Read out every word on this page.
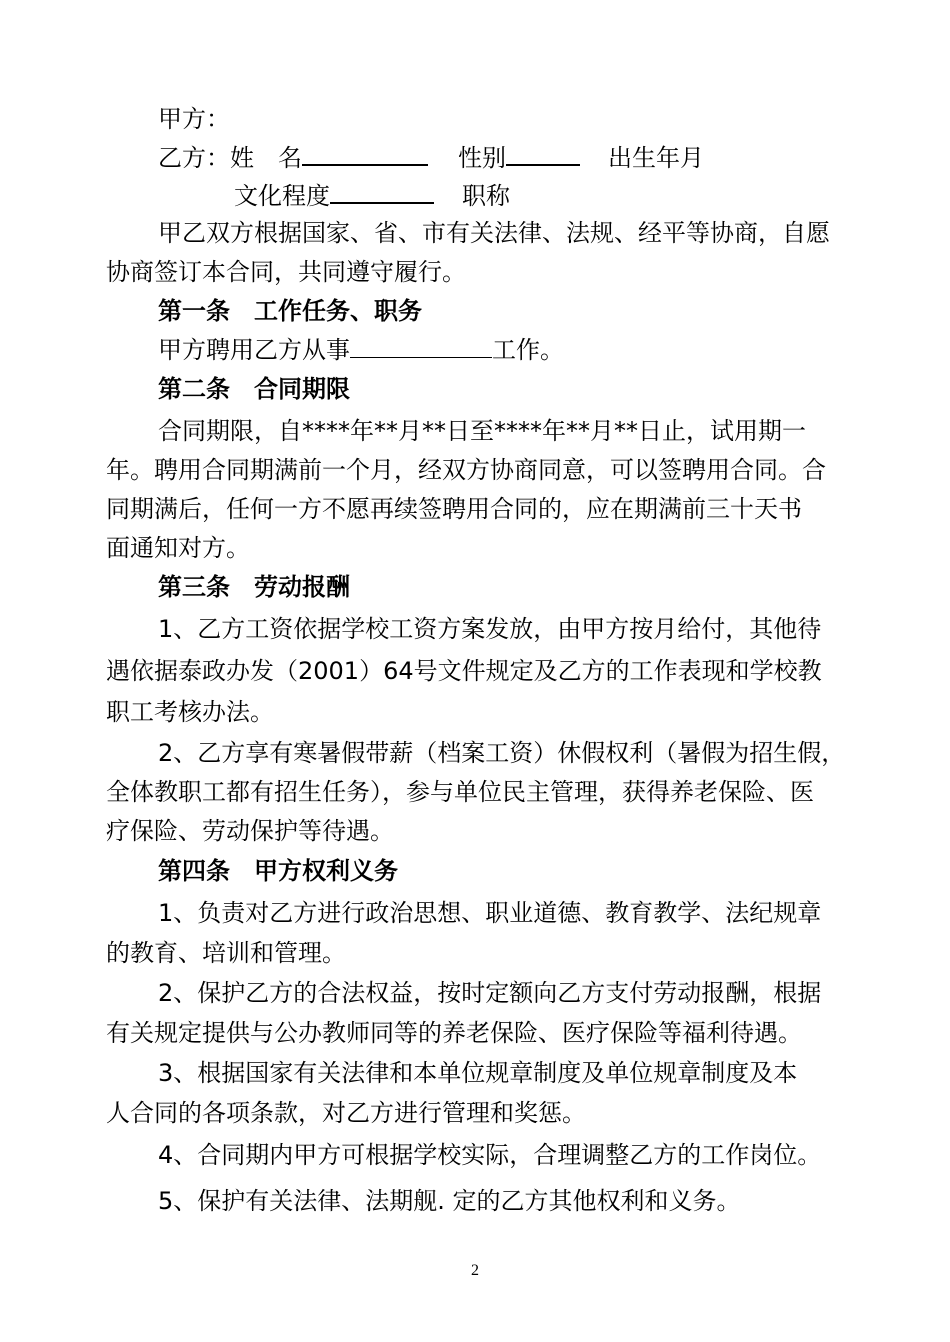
甲方：
乙方：姓　名	性别	出生年月
文化程度	职称
甲乙双方根据国家、省、市有关法律、法规、经平等协商，自愿
协商签订本合同，共同遵守履行。
第一条　工作任务、职务
甲方聘用乙方从事	工作。
第二条　合同期限
合同期限，自****年**月**日至****年**月**日止，试用期一
年。聘用合同期满前一个月，经双方协商同意，可以签聘用合同。合
同期满后，任何一方不愿再续签聘用合同的，应在期满前三十天书
面通知对方。
第三条　劳动报酬
1、乙方工资依据学校工资方案发放，由甲方按月给付，其他待
遇依据泰政办发（2001）64号文件规定及乙方的工作表现和学校教
职工考核办法。
2、乙方享有寒暑假带薪（档案工资）休假权利（暑假为招生假，
全体教职工都有招生任务），参与单位民主管理，获得养老保险、医
疗保险、劳动保护等待遇。
第四条　甲方权利义务
1、负责对乙方进行政治思想、职业道德、教育教学、法纪规章
的教育、培训和管理。
2、保护乙方的合法权益，按时定额向乙方支付劳动报酬，根据
有关规定提供与公办教师同等的养老保险、医疗保险等福利待遇。
3、根据国家有关法律和本单位规章制度及单位规章制度及本
人合同的各项条款，对乙方进行管理和奖惩。
4、合同期内甲方可根据学校实际，合理调整乙方的工作岗位。
5、保护有关法律、法期舰. 定的乙方其他权利和义务。
2
